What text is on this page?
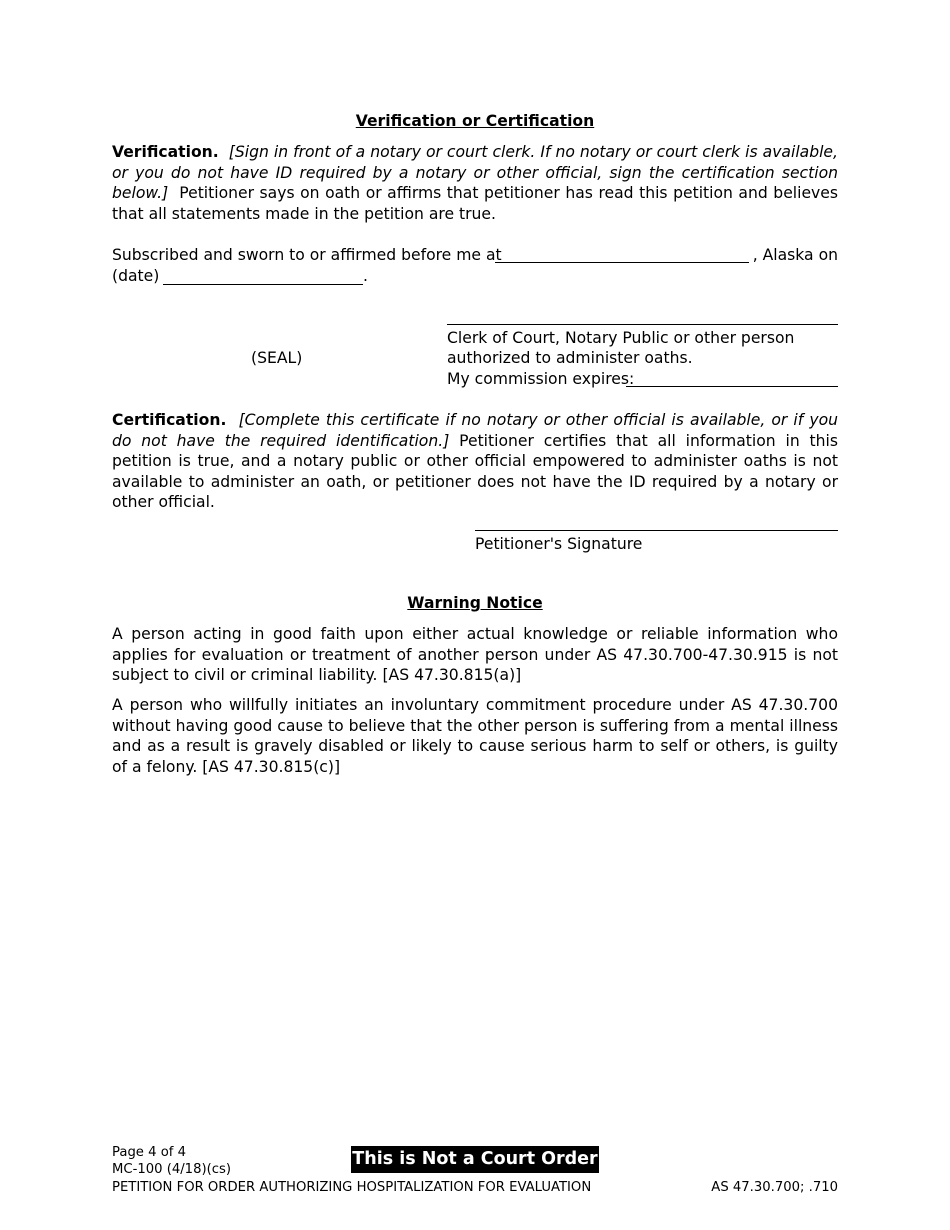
Verification or Certification
Verification. [Sign in front of a notary or court clerk. If no notary or court clerk is available, or you do not have ID required by a notary or other official, sign the certification section below.] Petitioner says on oath or affirms that petitioner has read this petition and believes that all statements made in the petition are true.
Subscribed and sworn to or affirmed before me at	, Alaska on
(date)	.
(SEAL)
Clerk of Court, Notary Public or other person
authorized to administer oaths.
My commission expires:
Certification. [Complete this certificate if no notary or other official is available, or if you do not have the required identification.] Petitioner certifies that all information in this petition is true, and a notary public or other official empowered to administer oaths is not available to administer an oath, or petitioner does not have the ID required by a notary or other official.
Petitioner's Signature
Warning Notice
A person acting in good faith upon either actual knowledge or reliable information who applies for evaluation or treatment of another person under AS 47.30.700-47.30.915 is not subject to civil or criminal liability. [AS 47.30.815(a)]
A person who willfully initiates an involuntary commitment procedure under AS 47.30.700 without having good cause to believe that the other person is suffering from a mental illness and as a result is gravely disabled or likely to cause serious harm to self or others, is guilty of a felony. [AS 47.30.815(c)]
Page 4 of 4
MC-100 (4/18)(cs)
PETITION FOR ORDER AUTHORIZING HOSPITALIZATION FOR EVALUATION
This is Not a Court Order
AS 47.30.700; .710
